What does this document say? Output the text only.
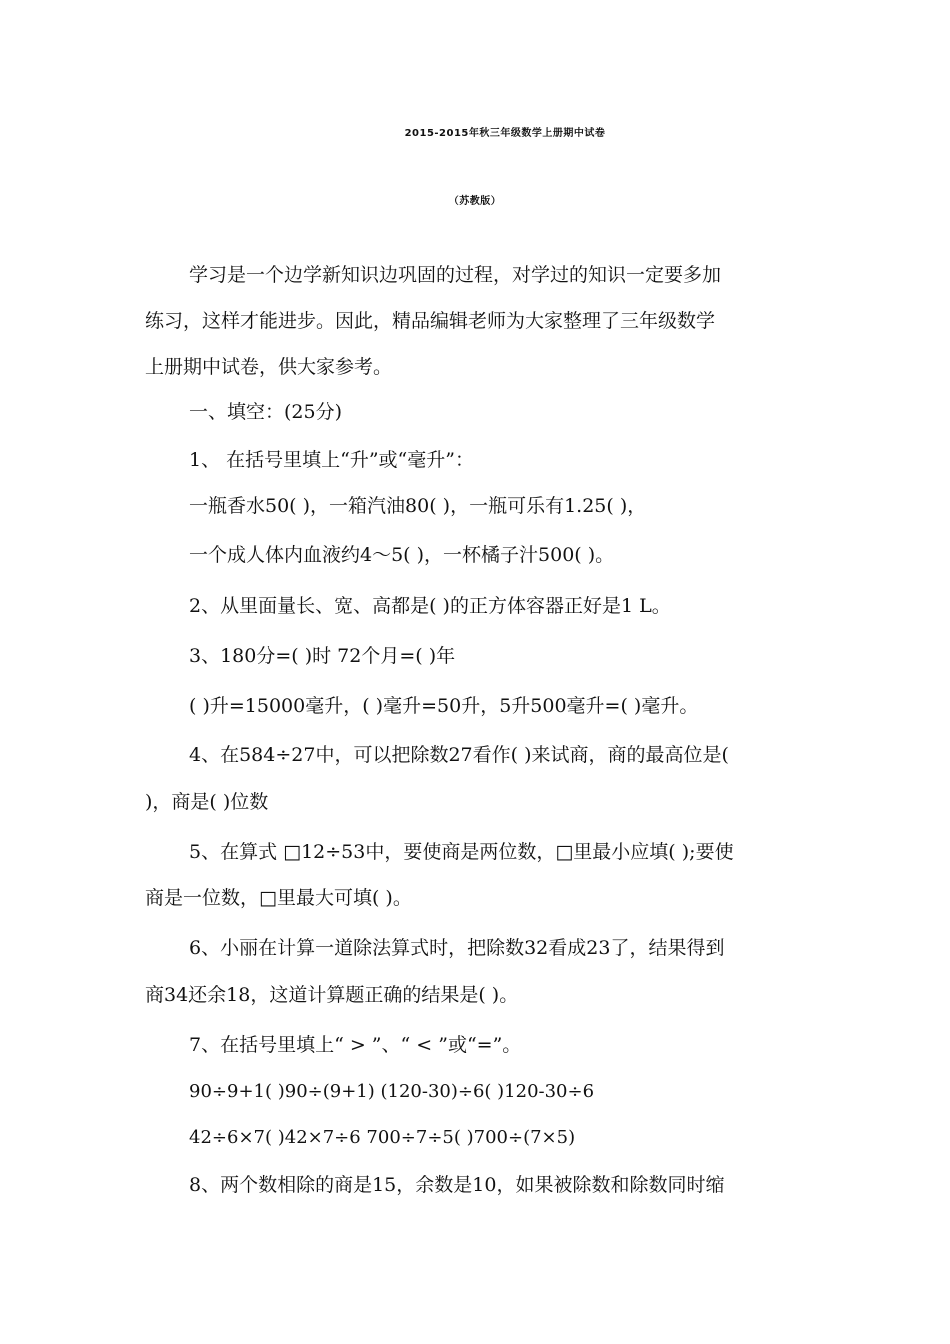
2015-2015年秋三年级数学上册期中试卷
（苏教版）
学习是一个边学新知识边巩固的过程，对学过的知识一定要多加
练习，这样才能进步。因此，精品编辑老师为大家整理了三年级数学
上册期中试卷，供大家参考。
一、填空：(25分)
1、 在括号里填上“升”或“毫升”：
一瓶香水50( )，一箱汽油80( )，一瓶可乐有1.25( )，
一个成人体内血液约4～5( )，一杯橘子汁500( )。
2、从里面量长、宽、高都是( )的正方体容器正好是1 L。
3、180分=( )时 72个月=( )年
( )升=15000毫升，( )毫升=50升，5升500毫升=( )毫升。
4、在584÷27中，可以把除数27看作( )来试商，商的最高位是(
)，商是( )位数
5、在算式 □12÷53中，要使商是两位数，□里最小应填( );要使
商是一位数，□里最大可填( )。
6、小丽在计算一道除法算式时，把除数32看成23了，结果得到
商34还余18，这道计算题正确的结果是( )。
7、在括号里填上“ > ”、“ < ”或“=”。
90÷9+1( )90÷(9+1) (120-30)÷6( )120-30÷6
42÷6×7( )42×7÷6 700÷7÷5( )700÷(7×5)
8、两个数相除的商是15，余数是10，如果被除数和除数同时缩
